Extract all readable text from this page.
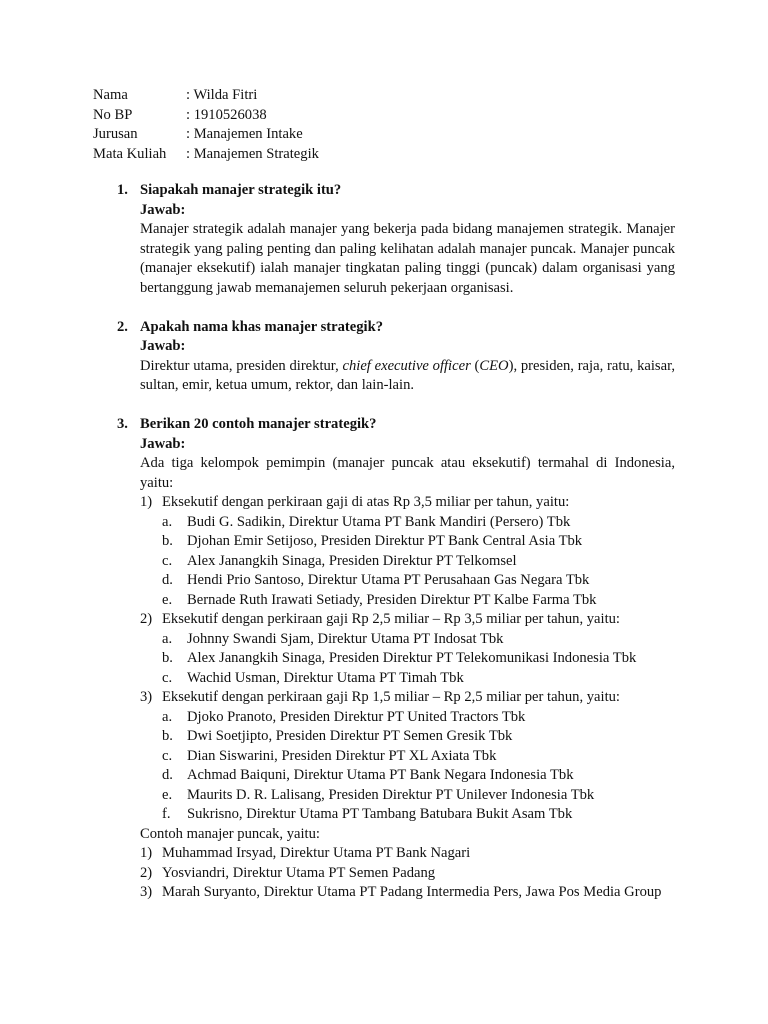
Nama	: Wilda Fitri
No BP	: 1910526038
Jurusan	: Manajemen Intake
Mata Kuliah	: Manajemen Strategik
1. Siapakah manajer strategik itu?
Jawab:
Manajer strategik adalah manajer yang bekerja pada bidang manajemen strategik. Manajer strategik yang paling penting dan paling kelihatan adalah manajer puncak. Manajer puncak (manajer eksekutif) ialah manajer tingkatan paling tinggi (puncak) dalam organisasi yang bertanggung jawab memanajemen seluruh pekerjaan organisasi.
2. Apakah nama khas manajer strategik?
Jawab:
Direktur utama, presiden direktur, chief executive officer (CEO), presiden, raja, ratu, kaisar, sultan, emir, ketua umum, rektor, dan lain-lain.
3. Berikan 20 contoh manajer strategik?
Jawab:
Ada tiga kelompok pemimpin (manajer puncak atau eksekutif) termahal di Indonesia, yaitu:
1) Eksekutif dengan perkiraan gaji di atas Rp 3,5 miliar per tahun, yaitu:
a.	Budi G. Sadikin, Direktur Utama PT Bank Mandiri (Persero) Tbk
b. Djohan Emir Setijoso, Presiden Direktur PT Bank Central Asia Tbk
c.	Alex Janangkih Sinaga, Presiden Direktur PT Telkomsel
d. Hendi Prio Santoso, Direktur Utama PT Perusahaan Gas Negara Tbk
e.	Bernade Ruth Irawati Setiady, Presiden Direktur PT Kalbe Farma Tbk
2) Eksekutif dengan perkiraan gaji Rp 2,5 miliar – Rp 3,5 miliar per tahun, yaitu:
a.	Johnny Swandi Sjam, Direktur Utama PT Indosat Tbk
b. Alex Janangkih Sinaga, Presiden Direktur PT Telekomunikasi Indonesia Tbk
c.	Wachid Usman, Direktur Utama PT Timah Tbk
3) Eksekutif dengan perkiraan gaji Rp 1,5 miliar – Rp 2,5 miliar per tahun, yaitu:
a.	Djoko Pranoto, Presiden Direktur PT United Tractors Tbk
b. Dwi Soetjipto, Presiden Direktur PT Semen Gresik Tbk
c.	Dian Siswarini, Presiden Direktur PT XL Axiata Tbk
d. Achmad Baiquni, Direktur Utama PT Bank Negara Indonesia Tbk
e.	Maurits D. R. Lalisang, Presiden Direktur PT Unilever Indonesia Tbk
f.	Sukrisno, Direktur Utama PT Tambang Batubara Bukit Asam Tbk
Contoh manajer puncak, yaitu:
1) Muhammad Irsyad, Direktur Utama PT Bank Nagari
2) Yosviandri, Direktur Utama PT Semen Padang
3) Marah Suryanto, Direktur Utama PT Padang Intermedia Pers, Jawa Pos Media Group
